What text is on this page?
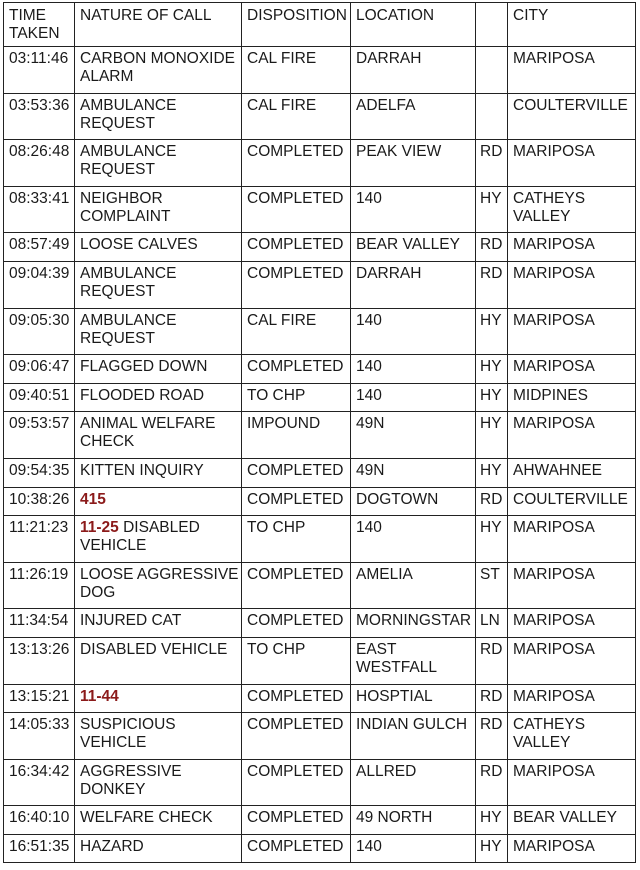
TIME TAKEN	NATURE OF CALL	DISPOSITION	LOCATION		CITY
03:11:46	CARBON MONOXIDE ALARM	CAL FIRE	DARRAH		MARIPOSA
03:53:36	AMBULANCE REQUEST	CAL FIRE	ADELFA		COULTERVILLE
08:26:48	AMBULANCE REQUEST	COMPLETED	PEAK VIEW	RD	MARIPOSA
08:33:41	NEIGHBOR COMPLAINT	COMPLETED	140	HY	CATHEYS VALLEY
08:57:49	LOOSE CALVES	COMPLETED	BEAR VALLEY	RD	MARIPOSA
09:04:39	AMBULANCE REQUEST	COMPLETED	DARRAH	RD	MARIPOSA
09:05:30	AMBULANCE REQUEST	CAL FIRE	140	HY	MARIPOSA
09:06:47	FLAGGED DOWN	COMPLETED	140	HY	MARIPOSA
09:40:51	FLOODED ROAD	TO CHP	140	HY	MIDPINES
09:53:57	ANIMAL WELFARE CHECK	IMPOUND	49N	HY	MARIPOSA
09:54:35	KITTEN INQUIRY	COMPLETED	49N	HY	AHWAHNEE
10:38:26	415	COMPLETED	DOGTOWN	RD	COULTERVILLE
11:21:23	11-25 DISABLED VEHICLE	TO CHP	140	HY	MARIPOSA
11:26:19	LOOSE AGGRESSIVE DOG	COMPLETED	AMELIA	ST	MARIPOSA
11:34:54	INJURED CAT	COMPLETED	MORNINGSTAR	LN	MARIPOSA
13:13:26	DISABLED VEHICLE	TO CHP	EAST WESTFALL	RD	MARIPOSA
13:15:21	11-44	COMPLETED	HOSPTIAL	RD	MARIPOSA
14:05:33	SUSPICIOUS VEHICLE	COMPLETED	INDIAN GULCH	RD	CATHEYS VALLEY
16:34:42	AGGRESSIVE DONKEY	COMPLETED	ALLRED	RD	MARIPOSA
16:40:10	WELFARE CHECK	COMPLETED	49 NORTH	HY	BEAR VALLEY
16:51:35	HAZARD	COMPLETED	140	HY	MARIPOSA
